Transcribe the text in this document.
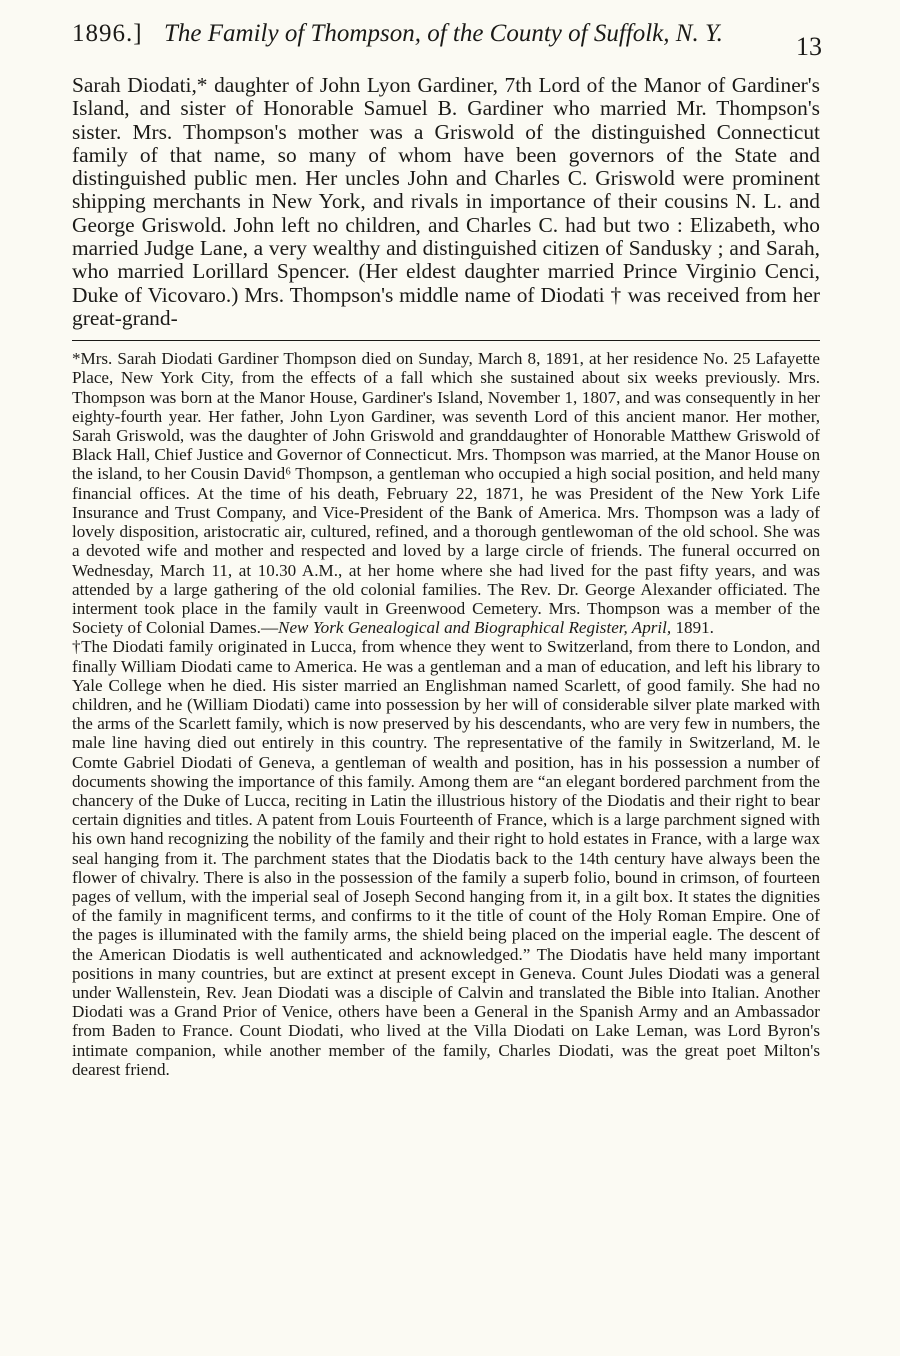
1896.] The Family of Thompson, of the County of Suffolk, N. Y.	13

Sarah Diodati,* daughter of John Lyon Gardiner, 7th Lord of the Manor of Gardiner's Island, and sister of Honorable Samuel B. Gardiner who married Mr. Thompson's sister. Mrs. Thompson's mother was a Griswold of the distinguished Connecticut family of that name, so many of whom have been governors of the State and distinguished public men. Her uncles John and Charles C. Griswold were prominent shipping merchants in New York, and rivals in importance of their cousins N. L. and George Griswold. John left no children, and Charles C. had but two : Elizabeth, who married Judge Lane, a very wealthy and distinguished citizen of Sandusky ; and Sarah, who married Lorillard Spencer. (Her eldest daughter married Prince Virginio Cenci, Duke of Vicovaro.) Mrs. Thompson's middle name of Diodati † was received from her great-grand-

*Mrs. Sarah Diodati Gardiner Thompson died on Sunday, March 8, 1891, at her residence No. 25 Lafayette Place, New York City, from the effects of a fall which she sustained about six weeks previously. Mrs. Thompson was born at the Manor House, Gardiner's Island, November 1, 1807, and was consequently in her eighty-fourth year. Her father, John Lyon Gardiner, was seventh Lord of this ancient manor. Her mother, Sarah Griswold, was the daughter of John Griswold and granddaughter of Honorable Matthew Griswold of Black Hall, Chief Justice and Governor of Connecticut. Mrs. Thompson was married, at the Manor House on the island, to her Cousin David⁶ Thompson, a gentleman who occupied a high social position, and held many financial offices. At the time of his death, February 22, 1871, he was President of the New York Life Insurance and Trust Company, and Vice-President of the Bank of America. Mrs. Thompson was a lady of lovely disposition, aristocratic air, cultured, refined, and a thorough gentlewoman of the old school. She was a devoted wife and mother and respected and loved by a large circle of friends. The funeral occurred on Wednesday, March 11, at 10.30 A.M., at her home where she had lived for the past fifty years, and was attended by a large gathering of the old colonial families. The Rev. Dr. George Alexander officiated. The interment took place in the family vault in Greenwood Cemetery. Mrs. Thompson was a member of the Society of Colonial Dames.—New York Genealogical and Biographical Register, April, 1891.

†The Diodati family originated in Lucca, from whence they went to Switzerland, from there to London, and finally William Diodati came to America. He was a gentleman and a man of education, and left his library to Yale College when he died. His sister married an Englishman named Scarlett, of good family. She had no children, and he (William Diodati) came into possession by her will of considerable silver plate marked with the arms of the Scarlett family, which is now preserved by his descendants, who are very few in numbers, the male line having died out entirely in this country. The representative of the family in Switzerland, M. le Comte Gabriel Diodati of Geneva, a gentleman of wealth and position, has in his possession a number of documents showing the importance of this family. Among them are “an elegant bordered parchment from the chancery of the Duke of Lucca, reciting in Latin the illustrious history of the Diodatis and their right to bear certain dignities and titles. A patent from Louis Fourteenth of France, which is a large parchment signed with his own hand recognizing the nobility of the family and their right to hold estates in France, with a large wax seal hanging from it. The parchment states that the Diodatis back to the 14th century have always been the flower of chivalry. There is also in the possession of the family a superb folio, bound in crimson, of fourteen pages of vellum, with the imperial seal of Joseph Second hanging from it, in a gilt box. It states the dignities of the family in magnificent terms, and confirms to it the title of count of the Holy Roman Empire. One of the pages is illuminated with the family arms, the shield being placed on the imperial eagle. The descent of the American Diodatis is well authenticated and acknowledged.” The Diodatis have held many important positions in many countries, but are extinct at present except in Geneva. Count Jules Diodati was a general under Wallenstein, Rev. Jean Diodati was a disciple of Calvin and translated the Bible into Italian. Another Diodati was a Grand Prior of Venice, others have been a General in the Spanish Army and an Ambassador from Baden to France. Count Diodati, who lived at the Villa Diodati on Lake Leman, was Lord Byron's intimate companion, while another member of the family, Charles Diodati, was the great poet Milton's dearest friend.
